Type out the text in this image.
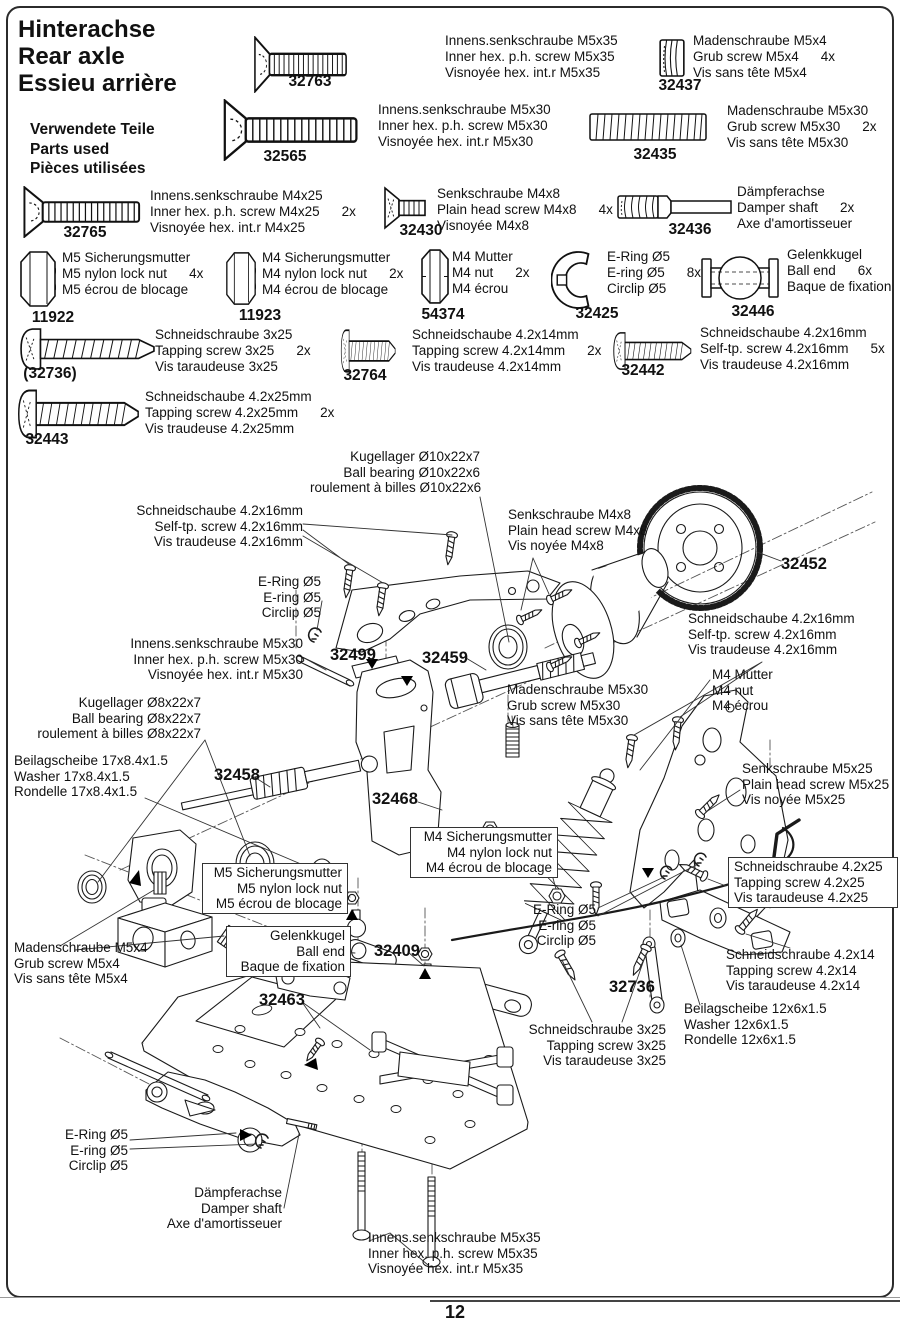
Hinterachse
Rear axle
Essieu arrière
Verwendete Teile
Parts used
Pièces utilisées
32763	32437
32565	32435
32765	32430	32436
11922	11923	54374	32425	32446
(32736)	32764	32442
32443
Innens.senkschraube M5x35
Inner hex. p.h. screw M5x35
Visnoyée hex. int.r M5x35
Madenschraube M5x4
Grub screw M5x4 4x
Vis sans tête M5x4
Innens.senkschraube M5x30
Inner hex. p.h. screw M5x30
Visnoyée hex. int.r M5x30
Madenschraube M5x30
Grub screw M5x30 2x
Vis sans tête M5x30
Innens.senkschraube M4x25
Inner hex. p.h. screw M4x25 2x
Visnoyée hex. int.r M4x25
Senkschraube M4x8
Plain head screw M4x8 4x
Visnoyée M4x8
Dämpferachse
Damper shaft 2x
Axe d'amortisseuer
M5 Sicherungsmutter
M5 nylon lock nut 4x
M5 écrou de blocage
M4 Sicherungsmutter
M4 nylon lock nut 2x
M4 écrou de blocage
M4 Mutter
M4 nut 2x
M4 écrou
E-Ring Ø5
E-ring Ø5 8x
Circlip Ø5
Gelenkkugel
Ball end 6x
Baque de fixation
Schneidschraube 3x25
Tapping screw 3x25 2x
Vis taraudeuse 3x25
Schneidschaube 4.2x14mm
Tapping screw 4.2x14mm 2x
Vis traudeuse 4.2x14mm
Schneidschaube 4.2x16mm
Self-tp. screw 4.2x16mm 5x
Vis traudeuse 4.2x16mm
Schneidschaube 4.2x25mm
Tapping screw 4.2x25mm 2x
Vis traudeuse 4.2x25mm
Kugellager Ø10x22x7
Ball bearing Ø10x22x6
roulement à billes Ø10x22x6
Schneidschaube 4.2x16mm
Self-tp. screw 4.2x16mm
Vis traudeuse 4.2x16mm
Senkschraube M4x8
Plain head screw M4x8
Vis noyée M4x8
E-Ring Ø5
E-ring Ø5
Circlip Ø5
Innens.senkschraube M5x30
Inner hex. p.h. screw M5x30
Visnoyée hex. int.r M5x30
Schneidschaube 4.2x16mm
Self-tp. screw 4.2x16mm
Vis traudeuse 4.2x16mm
Madenschraube M5x30
Grub screw M5x30
Vis sans tête M5x30
M4 Mutter
M4 nut
M4 écrou
Kugellager Ø8x22x7
Ball bearing Ø8x22x7
roulement à billes Ø8x22x7
Beilagscheibe 17x8.4x1.5
Washer 17x8.4x1.5
Rondelle 17x8.4x1.5
Senkschraube M5x25
Plain head screw M5x25
Vis noyée M5x25
M4 Sicherungsmutter
M4 nylon lock nut
M4 écrou de blocage
M5 Sicherungsmutter
M5 nylon lock nut
M5 écrou de blocage
Gelenkkugel
Ball end
Baque de fixation
Schneidschraube 4.2x25
Tapping screw 4.2x25
Vis taraudeuse 4.2x25
Madenschraube M5x4
Grub screw M5x4
Vis sans tête M5x4
E-Ring Ø5
E-ring Ø5
Circlip Ø5
Schneidschraube 4.2x14
Tapping screw 4.2x14
Vis taraudeuse 4.2x14
Beilagscheibe 12x6x1.5
Washer 12x6x1.5
Rondelle 12x6x1.5
Schneidschraube 3x25
Tapping screw 3x25
Vis taraudeuse 3x25
E-Ring Ø5
E-ring Ø5
Circlip Ø5
Dämpferachse
Damper shaft
Axe d'amortisseuer
Innens.senkschraube M5x35
Inner hex. p.h. screw M5x35
Visnoyée hex. int.r M5x35
32452
32499	32459
32458
32468
32409
32463
32736
12
